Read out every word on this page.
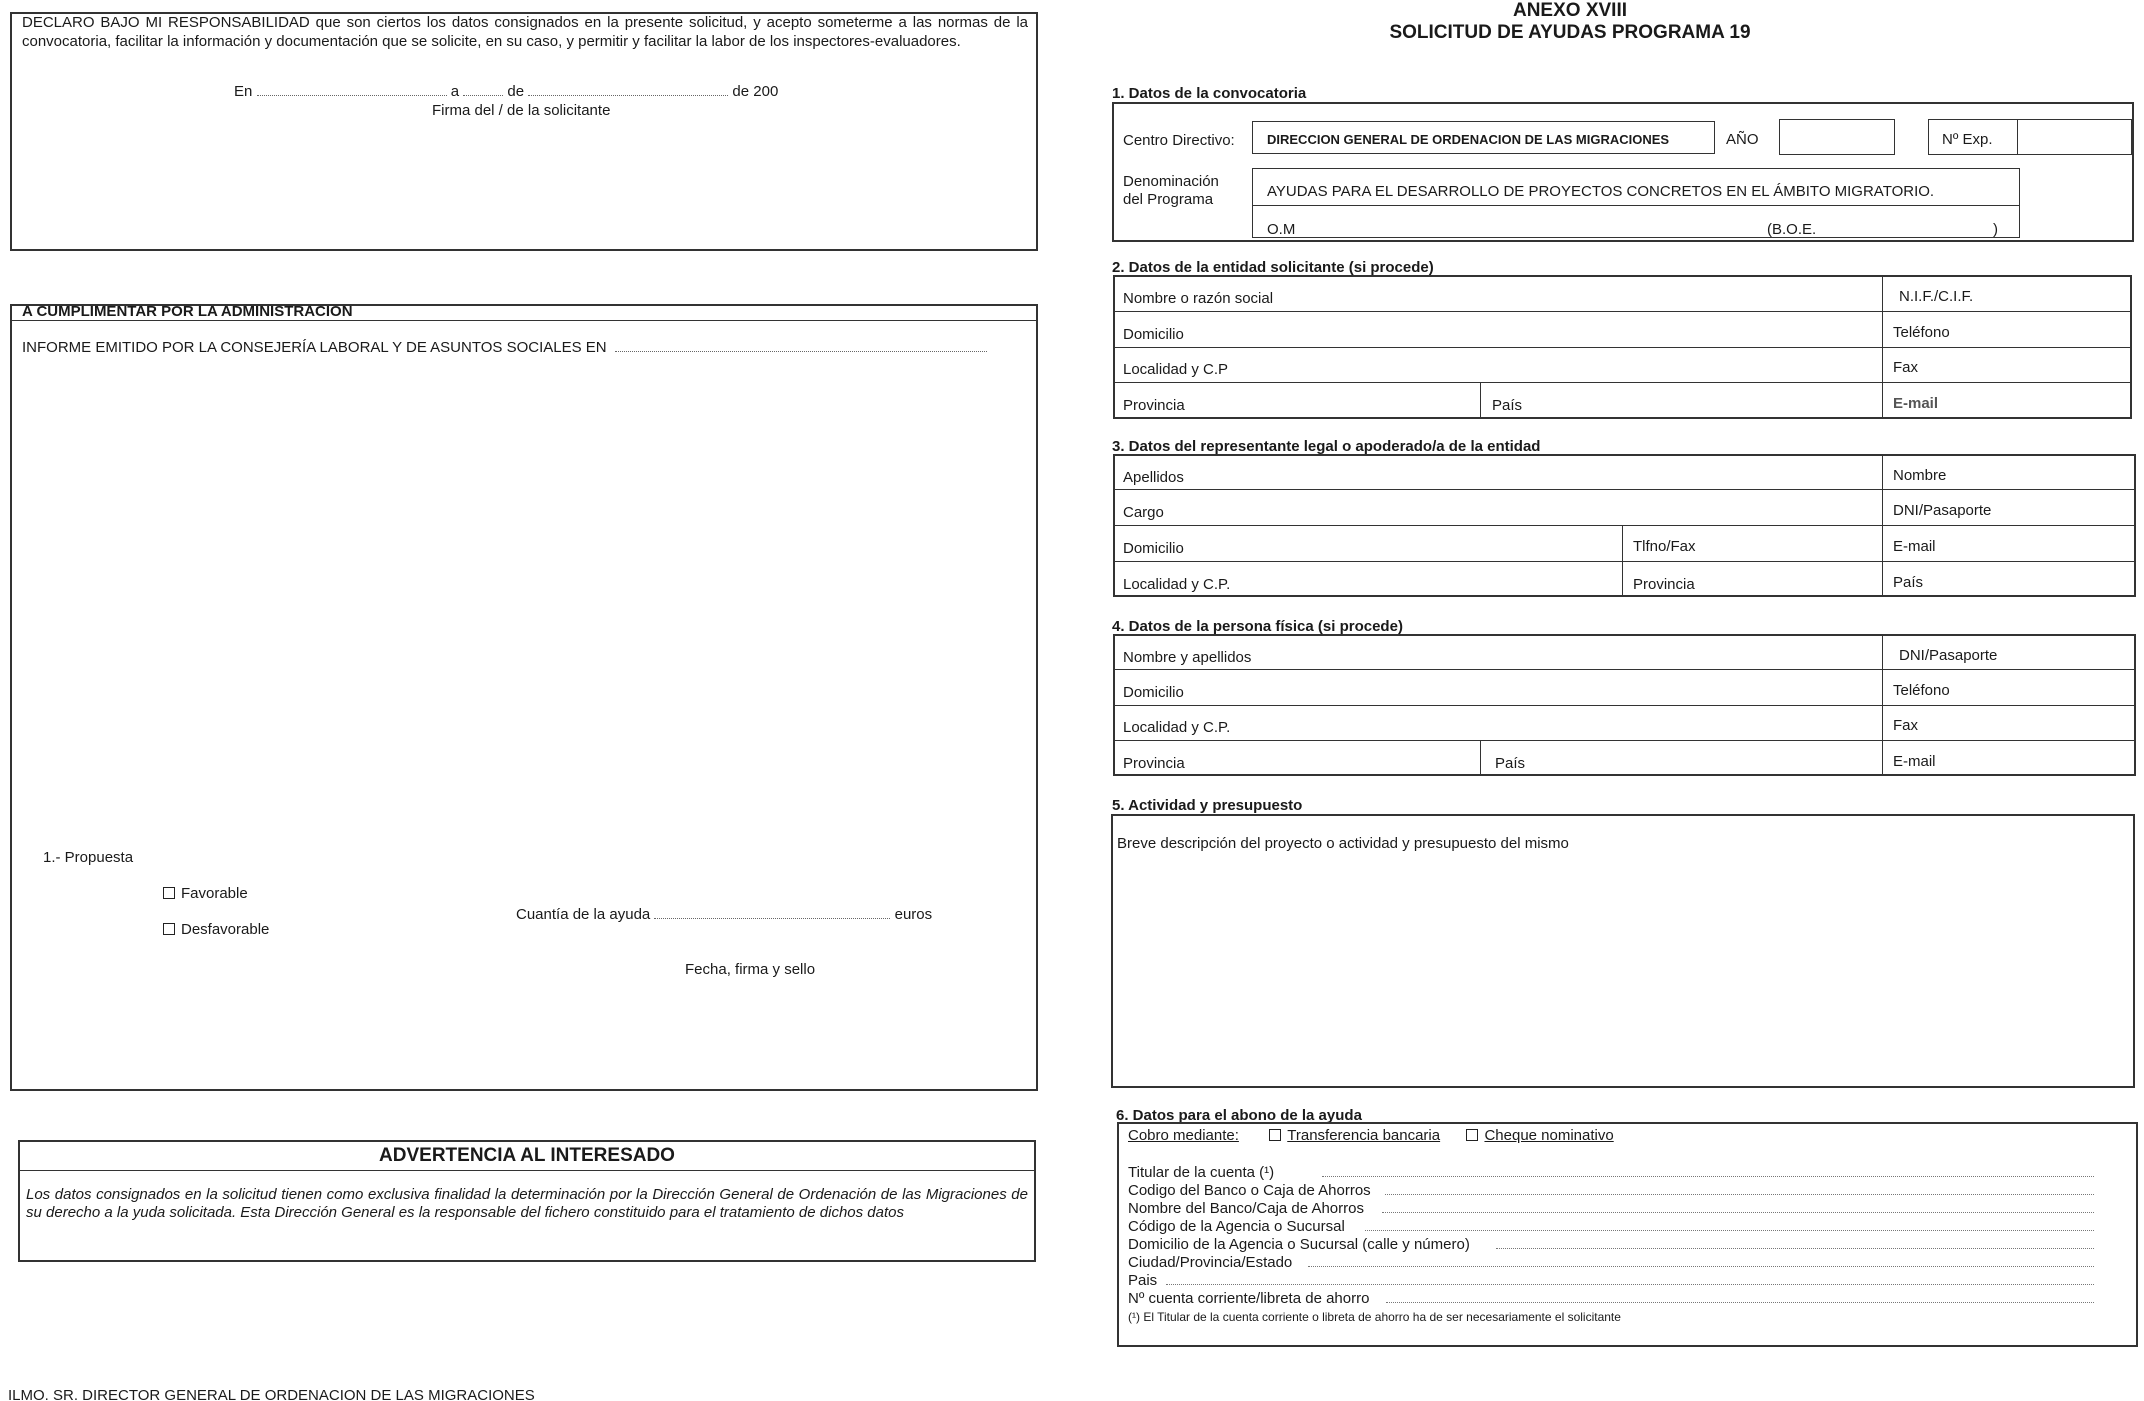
DECLARO BAJO MI RESPONSABILIDAD que son ciertos los datos consignados en la presente solicitud, y acepto someterme a las normas de la convocatoria, facilitar la información y documentación que se solicite, en su caso, y permitir y facilitar la labor de los inspectores-evaluadores.
En	a	de	de 200
Firma del / de la solicitante
A CUMPLIMENTAR POR LA ADMINISTRACION
INFORME EMITIDO POR LA CONSEJERÍA LABORAL Y DE ASUNTOS SOCIALES EN
1.- Propuesta
Favorable
Desfavorable
Cuantía de la ayuda	euros
Fecha, firma y sello
ADVERTENCIA AL INTERESADO
Los datos consignados en la solicitud tienen como exclusiva finalidad la determinación por la Dirección General de Ordenación de las Migraciones de su derecho a la yuda solicitada. Esta Dirección General es la responsable del fichero constituido para el tratamiento de dichos datos
ILMO. SR. DIRECTOR GENERAL DE ORDENACION DE LAS MIGRACIONES
ANEXO XVIII
SOLICITUD DE AYUDAS PROGRAMA 19
1. Datos de la convocatoria
Centro Directivo: DIRECCION GENERAL DE ORDENACION DE LAS MIGRACIONES	AÑO	Nº Exp.
Denominación
del Programa	AYUDAS PARA EL DESARROLLO DE PROYECTOS CONCRETOS EN EL ÁMBITO MIGRATORIO.
O.M	(B.O.E.	)
2. Datos de la entidad solicitante (si procede)
Nombre o razón social	N.I.F./C.I.F.
Domicilio	Teléfono
Localidad y C.P	Fax
Provincia	País	E-mail
3. Datos del representante legal o apoderado/a de la entidad
Apellidos	Nombre
Cargo	DNI/Pasaporte
Domicilio	Tlfno/Fax	E-mail
Localidad y C.P.	Provincia	País
4. Datos de la persona física (si procede)
Nombre y apellidos	DNI/Pasaporte
Domicilio	Teléfono
Localidad y C.P.	Fax
Provincia	País	E-mail
5. Actividad y presupuesto
Breve descripción del proyecto o actividad y presupuesto del mismo
6. Datos para el abono de la ayuda
Cobro mediante:	Transferencia bancaria	Cheque nominativo
Titular de la cuenta (¹)
Codigo del Banco o Caja de Ahorros
Nombre del Banco/Caja de Ahorros
Código de la Agencia o Sucursal
Domicilio de la Agencia o Sucursal (calle y número)
Ciudad/Provincia/Estado
Pais
Nº cuenta corriente/libreta de ahorro
(¹) El Titular de la cuenta corriente o libreta de ahorro ha de ser necesariamente el solicitante
